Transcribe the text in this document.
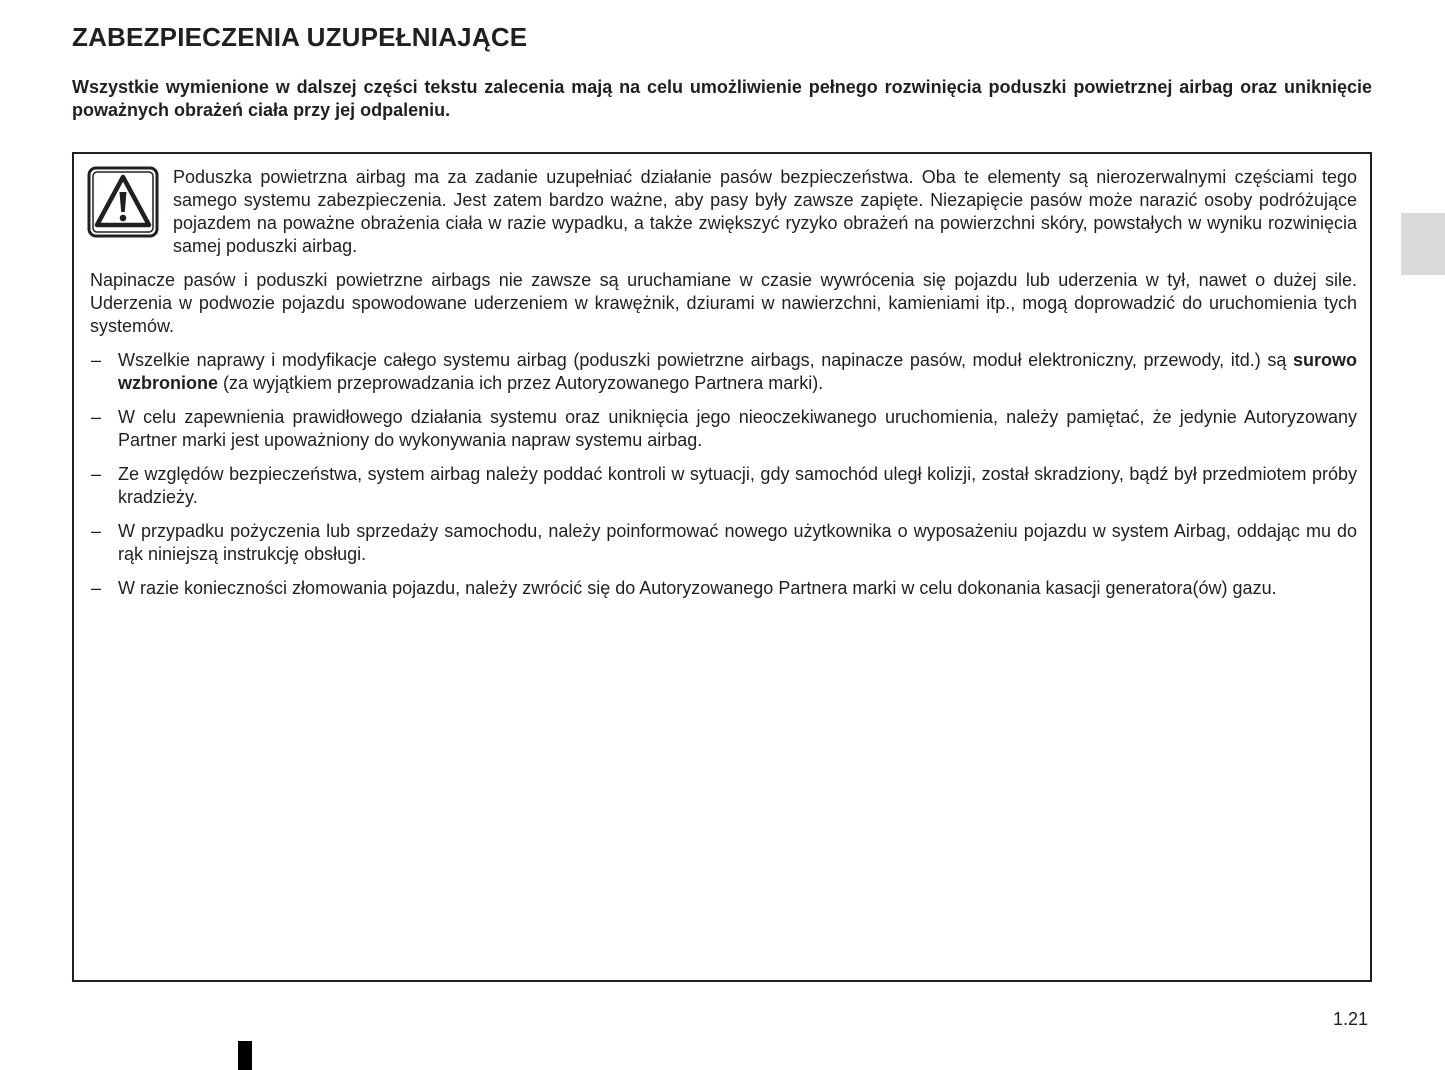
ZABEZPIECZENIA UZUPEŁNIAJĄCE

Wszystkie wymienione w dalszej części tekstu zalecenia mają na celu umożliwienie pełnego rozwinięcia poduszki powietrznej airbag oraz uniknięcie poważnych obrażeń ciała przy jej odpaleniu.

Poduszka powietrzna airbag ma za zadanie uzupełniać działanie pasów bezpieczeństwa. Oba te elementy są nierozerwalnymi częściami tego samego systemu zabezpieczenia. Jest zatem bardzo ważne, aby pasy były zawsze zapięte. Niezapięcie pasów może narazić osoby podróżujące pojazdem na poważne obrażenia ciała w razie wypadku, a także zwiększyć ryzyko obrażeń na powierzchni skóry, powstałych w wyniku rozwinięcia samej poduszki airbag.

Napinacze pasów i poduszki powietrzne airbags nie zawsze są uruchamiane w czasie wywrócenia się pojazdu lub uderzenia w tył, nawet o dużej sile. Uderzenia w podwozie pojazdu spowodowane uderzeniem w krawężnik, dziurami w nawierzchni, kamieniami itp., mogą doprowadzić do uruchomienia tych systemów.

– Wszelkie naprawy i modyfikacje całego systemu airbag (poduszki powietrzne airbags, napinacze pasów, moduł elektroniczny, przewody, itd.) są surowo wzbronione (za wyjątkiem przeprowadzania ich przez Autoryzowanego Partnera marki).
– W celu zapewnienia prawidłowego działania systemu oraz uniknięcia jego nieoczekiwanego uruchomienia, należy pamiętać, że jedynie Autoryzowany Partner marki jest upoważniony do wykonywania napraw systemu airbag.
– Ze względów bezpieczeństwa, system airbag należy poddać kontroli w sytuacji, gdy samochód uległ kolizji, został skradziony, bądź był przedmiotem próby kradzieży.
– W przypadku pożyczenia lub sprzedaży samochodu, należy poinformować nowego użytkownika o wyposażeniu pojazdu w system Airbag, oddając mu do rąk niniejszą instrukcję obsługi.
– W razie konieczności złomowania pojazdu, należy zwrócić się do Autoryzowanego Partnera marki w celu dokonania kasacji generatora(ów) gazu.
1.21
